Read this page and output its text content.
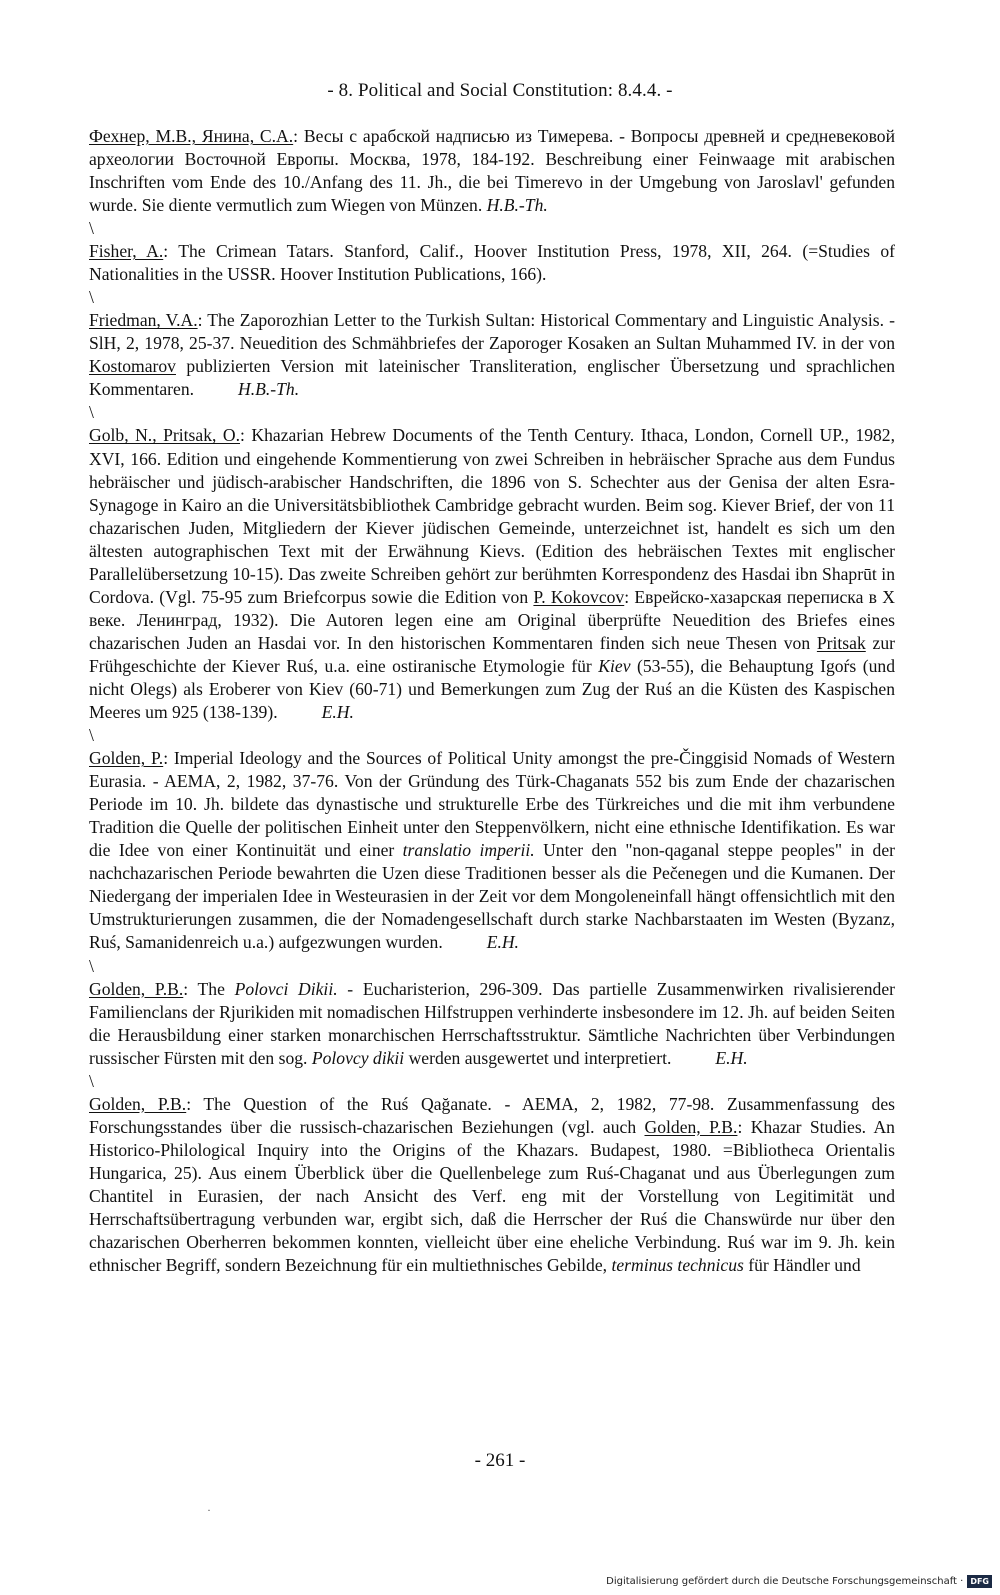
- 8. Political and Social Constitution: 8.4.4. -

Фехнер, М.В., Янина, С.А.: Весы с арабской надписью из Тимерева. - Вопросы древней и средневековой археологии Восточной Европы. Москва, 1978, 184-192. Beschreibung einer Feinwaage mit arabischen Inschriften vom Ende des 10./Anfang des 11. Jh., die bei Timerevo in der Umgebung von Jaroslavl' gefunden wurde. Sie diente vermutlich zum Wiegen von Münzen. H.B.-Th.

\

Fisher, A.: The Crimean Tatars. Stanford, Calif., Hoover Institution Press, 1978, XII, 264. (=Studies of Nationalities in the USSR. Hoover Institution Publications, 166).

\

Friedman, V.A.: The Zaporozhian Letter to the Turkish Sultan: Historical Commentary and Linguistic Analysis. - SlH, 2, 1978, 25-37. Neuedition des Schmähbriefes der Zaporoger Kosaken an Sultan Muhammed IV. in der von Kostomarov publizierten Version mit lateinischer Transliteration, englischer Übersetzung und sprachlichen Kommentaren. H.B.-Th.

\

Golb, N., Pritsak, O.: Khazarian Hebrew Documents of the Tenth Century. Ithaca, London, Cornell UP., 1982, XVI, 166. Edition und eingehende Kommentierung von zwei Schreiben in hebräischer Sprache aus dem Fundus hebräischer und jüdisch-arabischer Handschriften, die 1896 von S. Schechter aus der Genisa der alten Esra-Synagoge in Kairo an die Universitätsbibliothek Cambridge gebracht wurden. Beim sog. Kiever Brief, der von 11 chazarischen Juden, Mitgliedern der Kiever jüdischen Gemeinde, unterzeichnet ist, handelt es sich um den ältesten autographischen Text mit der Erwähnung Kievs. (Edition des hebräischen Textes mit englischer Parallelübersetzung 10-15). Das zweite Schreiben gehört zur berühmten Korrespondenz des Hasdai ibn Shaprūt in Cordova. (Vgl. 75-95 zum Briefcorpus sowie die Edition von P. Kokovcov: Еврейско-хазарская переписка в X веке. Ленинград, 1932). Die Autoren legen eine am Original überprüfte Neuedition des Briefes eines chazarischen Juden an Hasdai vor. In den historischen Kommentaren finden sich neue Thesen von Pritsak zur Frühgeschichte der Kiever Ruś, u.a. eine ostiranische Etymologie für Kiev (53-55), die Behauptung Igoŕs (und nicht Olegs) als Eroberer von Kiev (60-71) und Bemerkungen zum Zug der Ruś an die Küsten des Kaspischen Meeres um 925 (138-139). E.H.

\

Golden, P.: Imperial Ideology and the Sources of Political Unity amongst the pre-Činggisid Nomads of Western Eurasia. - AEMA, 2, 1982, 37-76. Von der Gründung des Türk-Chaganats 552 bis zum Ende der chazarischen Periode im 10. Jh. bildete das dynastische und strukturelle Erbe des Türkreiches und die mit ihm verbundene Tradition die Quelle der politischen Einheit unter den Steppenvölkern, nicht eine ethnische Identifikation. Es war die Idee von einer Kontinuität und einer translatio imperii. Unter den "non-qaganal steppe peoples" in der nachchazarischen Periode bewahrten die Uzen diese Traditionen besser als die Pečenegen und die Kumanen. Der Niedergang der imperialen Idee in Westeurasien in der Zeit vor dem Mongoleneinfall hängt offensichtlich mit den Umstrukturierungen zusammen, die der Nomadengesellschaft durch starke Nachbarstaaten im Westen (Byzanz, Ruś, Samanidenreich u.a.) aufgezwungen wurden. E.H.

\

Golden, P.B.: The Polovci Dikii. - Eucharisterion, 296-309. Das partielle Zusammenwirken rivalisierender Familienclans der Rjurikiden mit nomadischen Hilfstruppen verhinderte insbesondere im 12. Jh. auf beiden Seiten die Herausbildung einer starken monarchischen Herrschaftsstruktur. Sämtliche Nachrichten über Verbindungen russischer Fürsten mit den sog. Polovcy dikii werden ausgewertet und interpretiert. E.H.

\

Golden, P.B.: The Question of the Ruś Qağanate. - AEMA, 2, 1982, 77-98. Zusammenfassung des Forschungsstandes über die russisch-chazarischen Beziehungen (vgl. auch Golden, P.B.: Khazar Studies. An Historico-Philological Inquiry into the Origins of the Khazars. Budapest, 1980. =Bibliotheca Orientalis Hungarica, 25). Aus einem Überblick über die Quellenbelege zum Ruś-Chaganat und aus Überlegungen zum Chantitel in Eurasien, der nach Ansicht des Verf. eng mit der Vorstellung von Legitimität und Herrschaftsübertragung verbunden war, ergibt sich, daß die Herrscher der Ruś die Chanswürde nur über den chazarischen Oberherren bekommen konnten, vielleicht über eine eheliche Verbindung. Ruś war im 9. Jh. kein ethnischer Begriff, sondern Bezeichnung für ein multiethnisches Gebilde, terminus technicus für Händler und

- 261 -
·
Digitalisierung gefördert durch die Deutsche Forschungsgemeinschaft · DFG
